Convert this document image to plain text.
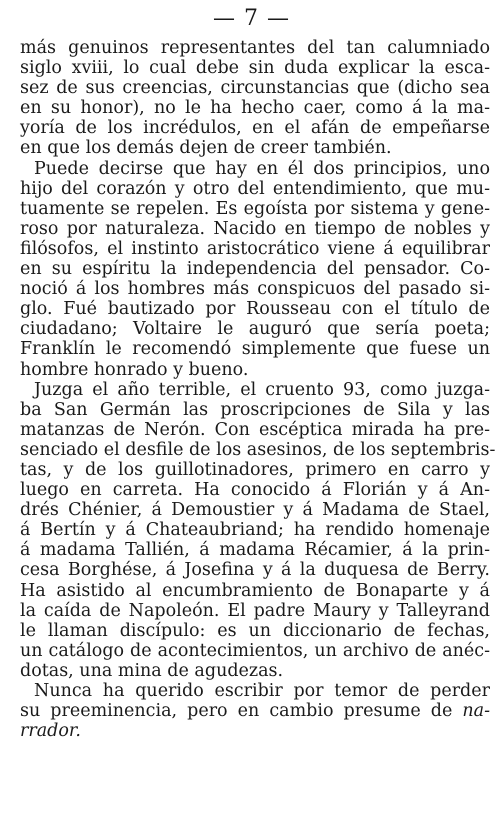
— 7 —
más genuinos representantes del tan calumniado
siglo xviii, lo cual debe sin duda explicar la esca-
sez de sus creencias, circunstancias que (dicho sea
en su honor), no le ha hecho caer, como á la ma-
yoría de los incrédulos, en el afán de empeñarse
en que los demás dejen de creer también.
Puede decirse que hay en él dos principios, uno
hijo del corazón y otro del entendimiento, que mu-
tuamente se repelen. Es egoísta por sistema y gene-
roso por naturaleza. Nacido en tiempo de nobles y
filósofos, el instinto aristocrático viene á equilibrar
en su espíritu la independencia del pensador. Co-
noció á los hombres más conspicuos del pasado si-
glo. Fué bautizado por Rousseau con el título de
ciudadano; Voltaire le auguró que sería poeta;
Franklín le recomendó simplemente que fuese un
hombre honrado y bueno.
Juzga el año terrible, el cruento 93, como juzga-
ba San Germán las proscripciones de Sila y las
matanzas de Nerón. Con escéptica mirada ha pre-
senciado el desfile de los asesinos, de los septembris-
tas, y de los guillotinadores, primero en carro y
luego en carreta. Ha conocido á Florián y á An-
drés Chénier, á Demoustier y á Madama de Stael,
á Bertín y á Chateaubriand; ha rendido homenaje
á madama Tallién, á madama Récamier, á la prin-
cesa Borghése, á Josefina y á la duquesa de Berry.
Ha asistido al encumbramiento de Bonaparte y á
la caída de Napoleón. El padre Maury y Talleyrand
le llaman discípulo: es un diccionario de fechas,
un catálogo de acontecimientos, un archivo de anéc-
dotas, una mina de agudezas.
Nunca ha querido escribir por temor de perder
su preeminencia, pero en cambio presume de na-
rrador.
